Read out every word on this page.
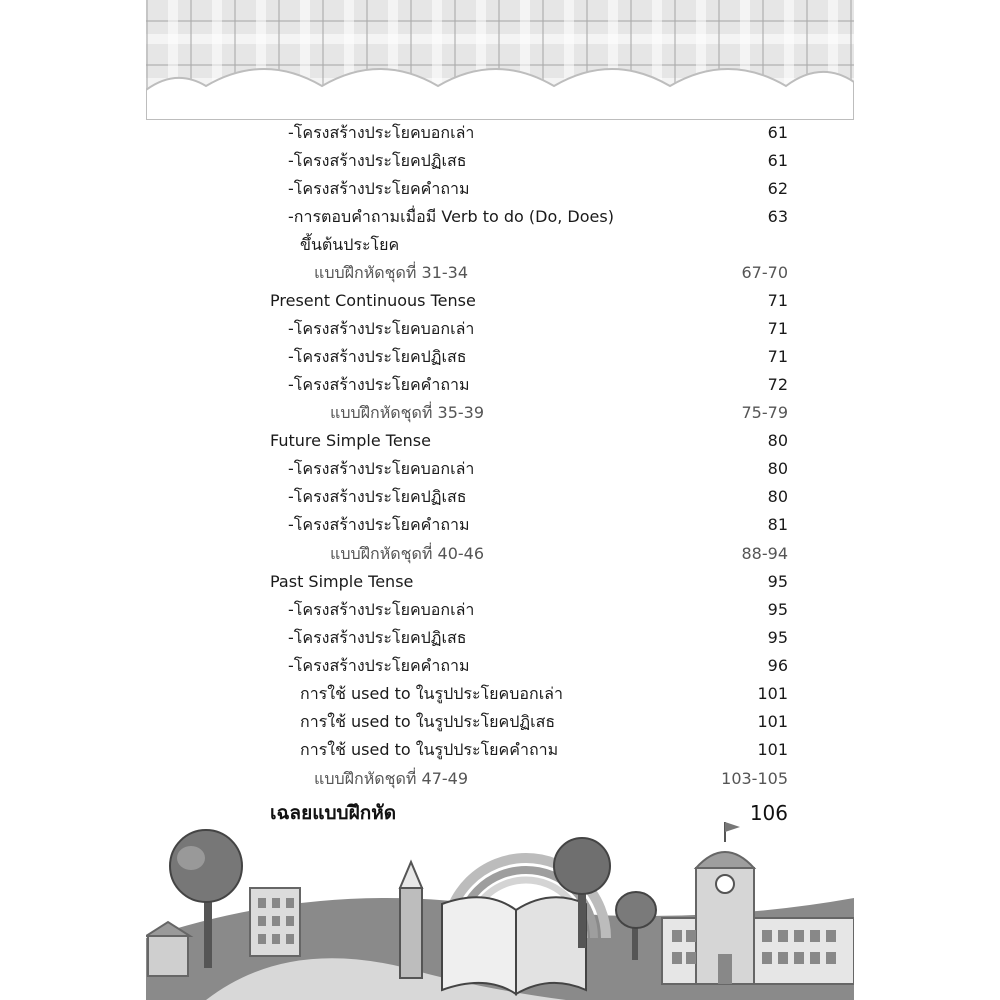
-โครงสร้างประโยคบอกเล่า	61
-โครงสร้างประโยคปฏิเสธ	61
-โครงสร้างประโยคคำถาม	62
-การตอบคำถามเมื่อมี Verb to do (Do, Does)	63
ขึ้นต้นประโยค
แบบฝึกหัดชุดที่ 31-34	67-70
Present Continuous Tense	71
-โครงสร้างประโยคบอกเล่า	71
-โครงสร้างประโยคปฏิเสธ	71
-โครงสร้างประโยคคำถาม	72
แบบฝึกหัดชุดที่ 35-39	75-79
Future Simple Tense	80
-โครงสร้างประโยคบอกเล่า	80
-โครงสร้างประโยคปฏิเสธ	80
-โครงสร้างประโยคคำถาม	81
แบบฝึกหัดชุดที่ 40-46	88-94
Past Simple Tense	95
-โครงสร้างประโยคบอกเล่า	95
-โครงสร้างประโยคปฏิเสธ	95
-โครงสร้างประโยคคำถาม	96
การใช้ used to ในรูปประโยคบอกเล่า	101
การใช้ used to ในรูปประโยคปฏิเสธ	101
การใช้ used to ในรูปประโยคคำถาม	101
แบบฝึกหัดชุดที่ 47-49	103-105
เฉลยแบบฝึกหัด	106
